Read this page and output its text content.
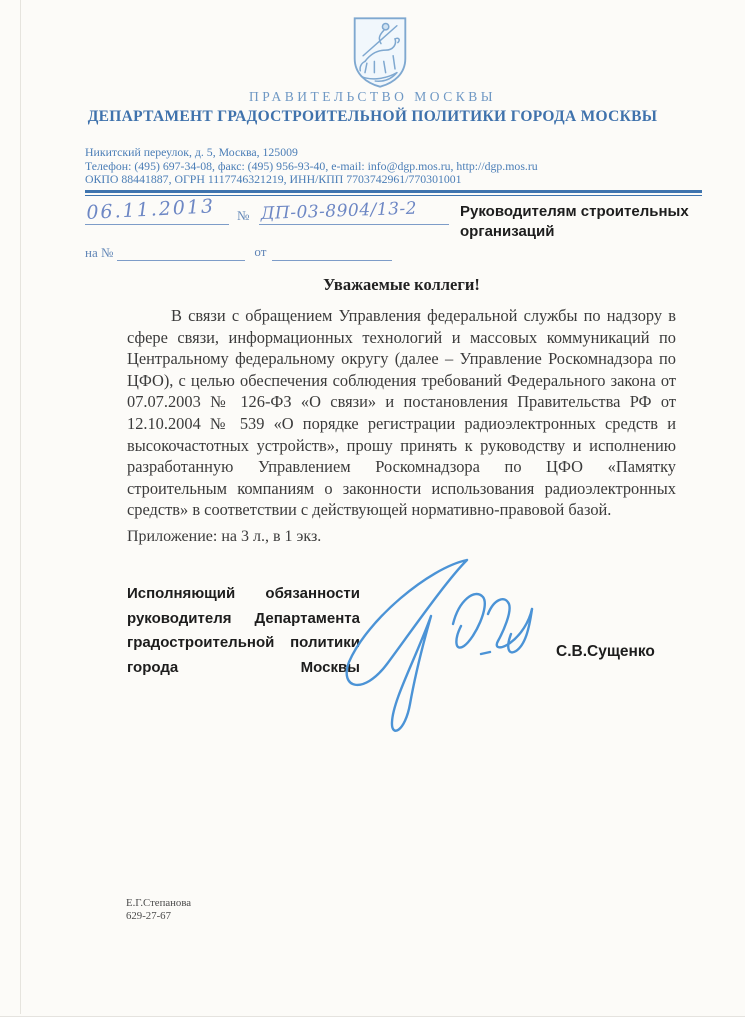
ПРАВИТЕЛЬСТВО МОСКВЫ
ДЕПАРТАМЕНТ ГРАДОСТРОИТЕЛЬНОЙ ПОЛИТИКИ ГОРОДА МОСКВЫ
Никитский переулок, д. 5, Москва, 125009
Телефон: (495) 697-34-08, факс: (495) 956-93-40, e-mail: info@dgp.mos.ru, http://dgp.mos.ru
ОКПО 88441887, ОГРН 1117746321219, ИНН/КПП 7703742961/770301001
06.11.2013 № ДП-03-8904/13-2
на №	от
Руководителям строительных
организаций
Уважаемые коллеги!
В связи с обращением Управления федеральной службы по надзору в сфере связи, информационных технологий и массовых коммуникаций по Центральному федеральному округу (далее – Управление Роскомнадзора по ЦФО), с целью обеспечения соблюдения требований Федерального закона от 07.07.2003 № 126-ФЗ «О связи» и постановления Правительства РФ от 12.10.2004 № 539 «О порядке регистрации радиоэлектронных средств и высокочастотных устройств», прошу принять к руководству и исполнению разработанную Управлением Роскомнадзора по ЦФО «Памятку строительным компаниям о законности использования радиоэлектронных средств» в соответствии с действующей нормативно-правовой базой.
Приложение: на 3 л., в 1 экз.
Исполняющий обязанности
руководителя Департамента
градостроительной политики
города Москвы
С.В.Сущенко
Е.Г.Степанова
629-27-67
